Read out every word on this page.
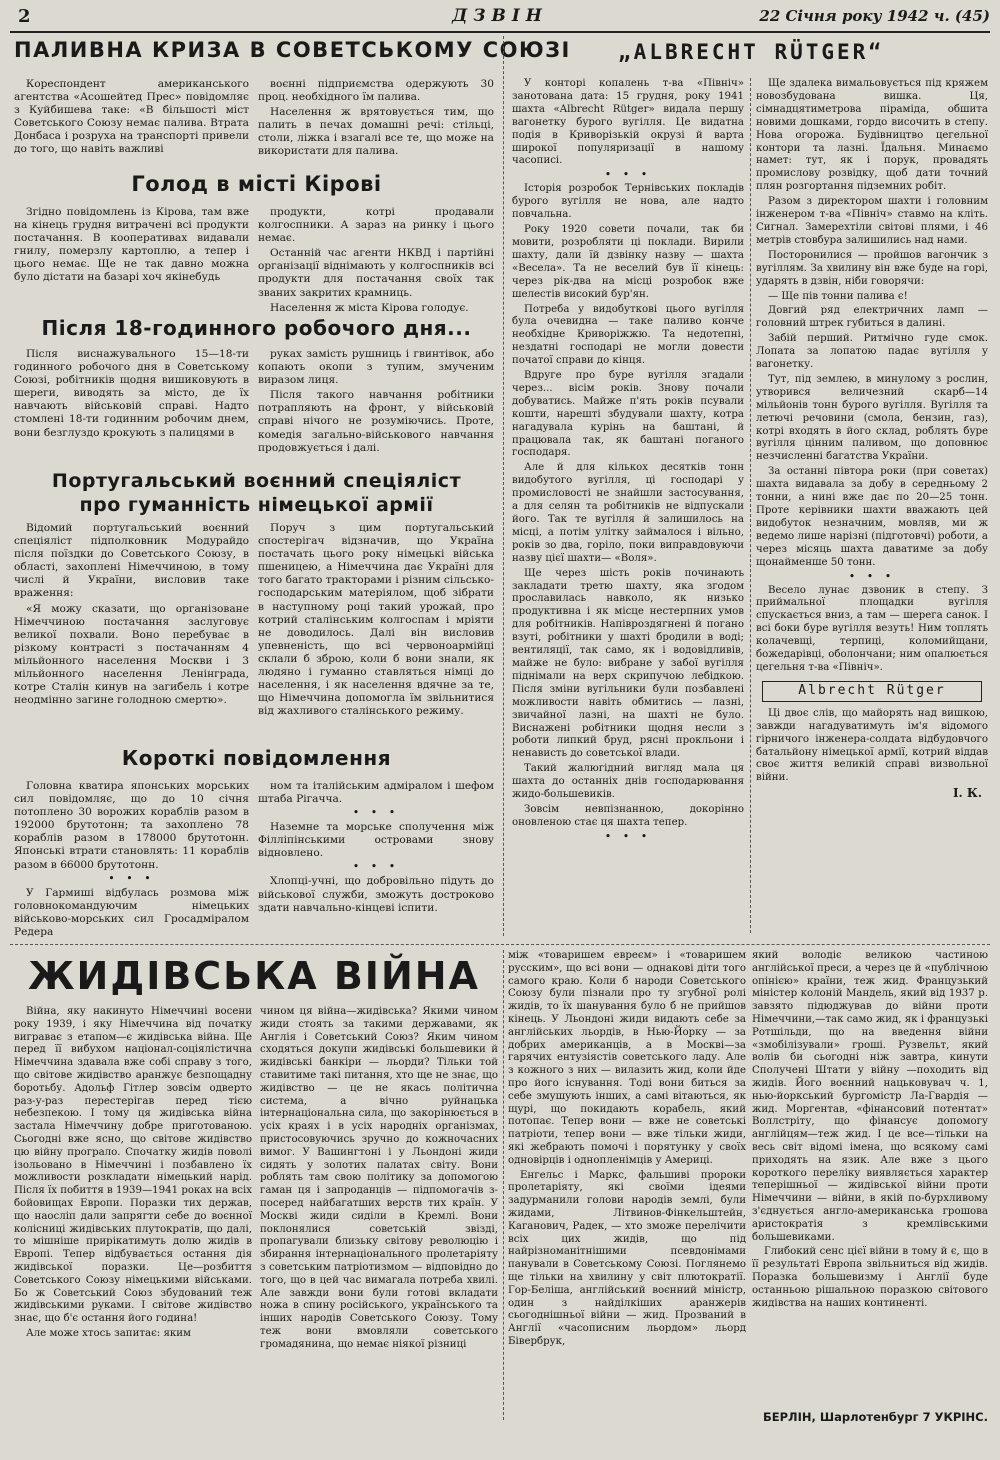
2	ДЗВІН	22 Січня року 1942 ч. (45)
ПАЛИВНА КРИЗА В СОВЕТСЬКОМУ СОЮЗІ

Кореспондент американського агентства «Асошейтед Прес» повідомляє з Куйбишева таке: «В більшості міст Советського Союзу немає палива. Втрата Донбаса і розруха на транспорті привели до того, що навіть важливі

воєнні підприємства одержують 30 проц. необхідного їм палива.

Населення ж врятовується тим, що палить в печах домашні речі: стільці, столи, ліжка і взагалі все те, що може на використати для палива.

Голод в місті Кірові

Згідно повідомлень із Кірова, там вже на кінець грудня витрачені всі продукти постачання. В кооперативах видавали гнилу, померзлу картоплю, а тепер і цього немає. Ще не так давно можна було дістати на базарі хоч якінебудь

продукти, котрі продавали колгоспники. А зараз на ринку і цього немає.

Останній час агенти НКВД і партійні організації віднімають у колгоспників всі продукти для постачання своїх так званих закритих крамниць.

Населення ж міста Кірова голодує.

Після 18-годинного робочого дня...

Після виснажувального 15—18-ти годинного робочого дня в Советському Союзі, робітників щодня вишиковують в шереги, виводять за місто, де їх навчають військовій справі. Надто стомлені 18-ти годинним робочим днем, вони безглуздо крокують з палицями в

руках замість рушниць і гвинтівок, або копають окопи з тупим, змученим виразом лиця.

Після такого навчання робітники потрапляють на фронт, у військовій справі нічого не розуміючись. Проте, комедія загально-військового навчання продовжується і далі.

Португальський воєнний спеціяліст
про гуманність німецької армії

Відомий португальський воєнний спеціяліст підполковник Модурайдо після поїздки до Советського Союзу, в області, захоплені Німеччиною, в тому числі й України, висловив таке враження:

«Я можу сказати, що організоване Німеччиною постачання заслуговує великої похвали. Воно перебуває в різкому контрасті з постачанням 4 мільйонного населення Москви і 3 мільйонного населення Ленінграда, котре Сталін кинув на загибель і котре неодмінно загине голодною смертю».

Поруч з цим португальський спостерігач відзначив, що Україна постачать цього року німецькі війська пшеницею, а Німеччина дає Україні для того багато тракторами і різним сільсько-господарським матеріялом, щоб зібрати в наступному році такий урожай, про котрий сталінським колгоспам і мріяти не доводилось. Далі він висловив упевненість, що всі червоноармійці склали б зброю, коли б вони знали, як людяно і гуманно ставляться німці до населення, і як населення вдячне за те, що Німеччина допомогла їм звільнитися від жахливого сталінського режиму.

Короткі повідомлення

Головна кватира японських морських сил повідомляє, що до 10 січня потоплено 30 ворожих кораблів разом в 192000 брутотонн; та захоплено 78 кораблів разом в 178000 брутотонн. Японські втрати становлять: 11 кораблів разом в 66000 брутотонн.

• • •

У Гармиші відбулась розмова між головнокомандуючим німецьких військово-морських сил Гросадміралом Редера

ном та італійським адміралом і шефом штаба Рігачча.

• • •

Наземне та морське сполучення між Філліпінськими островами знову відновлено.

• • •

Хлопці-учні, що добровільно підуть до військової служби, зможуть достроково здати навчально-кінцеві іспити.

„ALBRECHT RÜTGER“

У конторі копалень т-ва «Північ» занотована дата: 15 грудня, року 1941 шахта «Albrecht Rütger» видала першу вагонетку бурого вугілля. Це видатна подія в Криворізькій окрузі й варта широкої популяризації в нашому часописі.

• • •

Історія розробок Тернівських покладів бурого вугілля не нова, але надто повчальна.

Року 1920 совети почали, так би мовити, розробляти ці поклади. Вирили шахту, дали їй дзвінку назву — шахта «Весела». Та не веселий був її кінець: через рік-два на місці розробок вже шелестів високий бур'ян.

Потреба у видобуткові цього вугілля була очевидна — таке паливо конче необхідне Криворіжжю. Та недотепні, нездатні господарі не могли довести початої справи до кінця.

Вдруге про буре вугілля згадали через... вісім років. Знову почали добуватись. Майже п'ять років псували кошти, нарешті збудували шахту, котра нагадувала курінь на баштані, й працювала так, як баштані поганого господаря.

Але й для кількох десятків тонн видобутого вугілля, ці господарі у промисловості не знайшли застосування, а для селян та робітників не відпускали його. Так те вугілля й залишилось на місці, а потім улітку займалося і вільно, років зо два, горіло, поки виправдовуючи назву цієї шахти— «Воля».

Ще через шість років починають закладати третю шахту, яка згодом прославилась навколо, як низько продуктивна і як місце нестерпних умов для робітників. Напівроздягнені й погано взуті, робітники у шахті бродили в воді; вентиляції, так само, як і водовідливів, майже не було: вибране у забої вугілля піднімали на верх скрипучою лебідкою. Після зміни вугільники були позбавлені можливости навіть обмитись — лазні, звичайної лазні, на шахті не було. Виснажені робітники щодня несли з роботи липкий бруд, рясні прокльони і ненависть до советської влади.

Такий жалюгідний вигляд мала ця шахта до останніх днів господарювання жидо-большевиків.

Зовсім невпізнанною, докорінно оновленою стає ця шахта тепер.

• • •

Ще здалека вимальовується під кряжем новозбудована вишка. Ця, сімнадцятиметрова піраміда, обшита новими дошками, гордо височить в степу. Нова огорожа. Будівництво цегельної контори та лазні. Їдальня. Минаємо намет: тут, як і порук, провадять промислову розвідку, щоб дати точний плян розгортання підземних робіт.

Разом з директором шахти і головним інженером т-ва «Північ» ставмо на кліть. Сигнал. Замерехтіли світові плями, і 46 метрів стовбура залишились над нами.

Посторонилися — пройшов вагончик з вугіллям. За хвилину він вже буде на горі, ударять в дзвін, ніби говорячи:

— Ще пів тонни палива є!

Довгий ряд електричних ламп — головний штрек губиться в далині.

Забій перший. Ритмічно гуде смок. Лопата за лопатою падає вугілля у вагонетку.

Тут, під землею, в минулому з рослин, утворився величезний скарб—14 мільйонів тонн бурого вугілля. Вугілля та летючі речовини (смола, бензин, газ), котрі входять в його склад, роблять буре вугілля цінним паливом, що доповнює незчисленні багатства України.

За останні півтора роки (при советах) шахта видавала за добу в середньому 2 тонни, а нині вже дає по 20—25 тонн. Проте керівники шахти вважають цей видобуток незначним, мовляв, ми ж ведемо лише нарізні (підготовчі) роботи, а через місяць шахта даватиме за добу щонайменше 50 тонн.

• • •

Весело лунає дзвоник в степу. З приймальної площадки вугілля спускається вниз, а там — шерега санок. І всі боки буре вугілля везуть! Ним топлять колачевщі, терпиці, коломийщани, божедарівці, оболончани; ним опалюється цегельня т-ва «Північ».

Albrecht Rütger

Ці двоє слів, що майорять над вишкою, завжди нагадуватимуть ім'я відомого гірничого інженера-солдата відбудовчого батальйону німецької армії, котрий віддав своє життя великій справі визвольної війни.

І. К.
ЖИДІВСЬКА ВІЙНА

Війна, яку накинуто Німеччині восени року 1939, і яку Німеччина від початку виграває з етапом—є жидівська війна. Ще перед її вибухом націонал-соціялістична Німеччина здавала вже собі справу з того, що світове жидівство аранжує безпощадну боротьбу. Адольф Гітлер зовсім одверто раз-у-раз перестерігав перед тією небезпекою. І тому ця жидівська війна застала Німеччину добре приготованою. Сьогодні вже ясно, що світове жидівство цю війну програло. Спочатку жидів поволі ізольовано в Німеччині і позбавлено їх можливости розкладати німецький нарід. Після їх побиття в 1939—1941 роках на всіх бойовищах Европи. Поразки тих держав, що наосліп дали запрягти себе до воєнної колісниці жидівських плутократів, що далі, то мішніше прирікатимуть долю жидів в Европі. Тепер відбувається остання дія жидівської поразки. Це—розбиття Советського Союзу німецькими військами. Бо ж Советський Союз збудований теж жидівськими руками. І світове жидівство знає, що б'є остання його година!

Але може хтось запитає: яким

чином ця війна—жидівська? Якими чином жиди стоять за такими державами, як Англія і Советський Союз? Яким чином сходяться докупи жидівські большевики й жидівські банкіри — льорди? Тільки той ставитиме такі питання, хто ще не знає, що жидівство — це не якась політична система, а вічно руйнацька інтернаціональна сила, що закорінюється в усіх краях і в усіх народніх організмах, пристосовуючись зручно до кожночасних вимог. У Вашингтоні і у Льондоні жиди сидять у золотих палатах світу. Вони роблять там свою політику за допомогою гаман ця і запроданців — підпомогачів з-посеред найбагатших верств тих країн. У Москві жиди сиділи в Кремлі. Вони поклонялися советській звізді, пропагували близьку світову революцію і збирання інтернаціонального пролетаріяту з советським патріотизмом — відповідно до того, що в цей час вимагала потреба хвилі. Але завжди вони були готові вкладати ножа в спину російського, українського та інших народів Советського Союзу. Тому теж вони вмовляли советського громадянина, що немає ніякої різниці

між «товаришем евреєм» і «товаришем русским», що всі вони — однакові діти того самого краю. Коли б народи Советського Союзу були пізнали про ту згубної ролі жидів, то їх шанування було б не прийшов кінець. У Льондоні жиди видають себе за англійських льордів, в Нью-Йорку — за добрих американців, а в Москві—за гарячих ентузіястів советського ладу. Але з кожного з них — вилазить жид, коли йде про його існування. Тоді вони биться за себе змушують інших, а самі вітаються, як щурі, що покидають корабель, який потопає. Тепер вони — вже не советські патріоти, тепер вони — вже тільки жиди, які жебрають помочі і порятунку у своїх одновірців і однопленімців у Америці.

Енгельс і Маркс, фальшиві пророки пролетаріяту, які своїми ідеями задурманили голови народів землі, були жидами, Літвинов-Фінкельштейн, Каганович, Радек, — хто зможе перелічити всіх цих жидів, що під найрізноманітнішими псевдонімами панували в Советському Союзі. Поглянемо ще тільки на хвилину у світ плютократії. Гор-Беліша, англійський воєнний міністр, один з найділкіших аранжерів сьогоднішньої війни — жид. Прозваний в Англії «часописним льордом» льорд Бівербрук,

який володіє великою частиною англійської преси, а через це й «публічною опінією» країни, теж жид. Французький міністер колоній Мандель, який від 1937 р. завзято підюджував до війни проти Німеччини,—так само жид, як і французькі Ротшільди, що на введення війни «змобілізували» гроші. Рузвельт, який волів би сьогодні ніж завтра, кинути Сполучені Штати у війну —походить від жидів. Його воєнний нацьковувач ч. 1, нью-йоркський бургомістр Ла-Гвардія — жид. Моргентав, «фінансовий потентат» Воллстріту, що фінансує допомогу англійцям—теж жид. І це все—тільки на весь світ відомі імена, що всякому самі приходять на язик. Але вже з цього короткого переліку виявляється характер теперішньої — жидівської війни проти Німеччини — війни, в якій по-бурхливому з'єднується англо-американська грошова аристократія з кремлівськими большевиками.

Глибокий сенс цієї війни в тому й є, що в її результаті Европа звільниться від жидів. Поразка большевизму і Англії буде останньою рішальною поразкою світового жидівства на наших континенті.

БЕРЛІН, Шарлотенбург 7 УКРІНС.
